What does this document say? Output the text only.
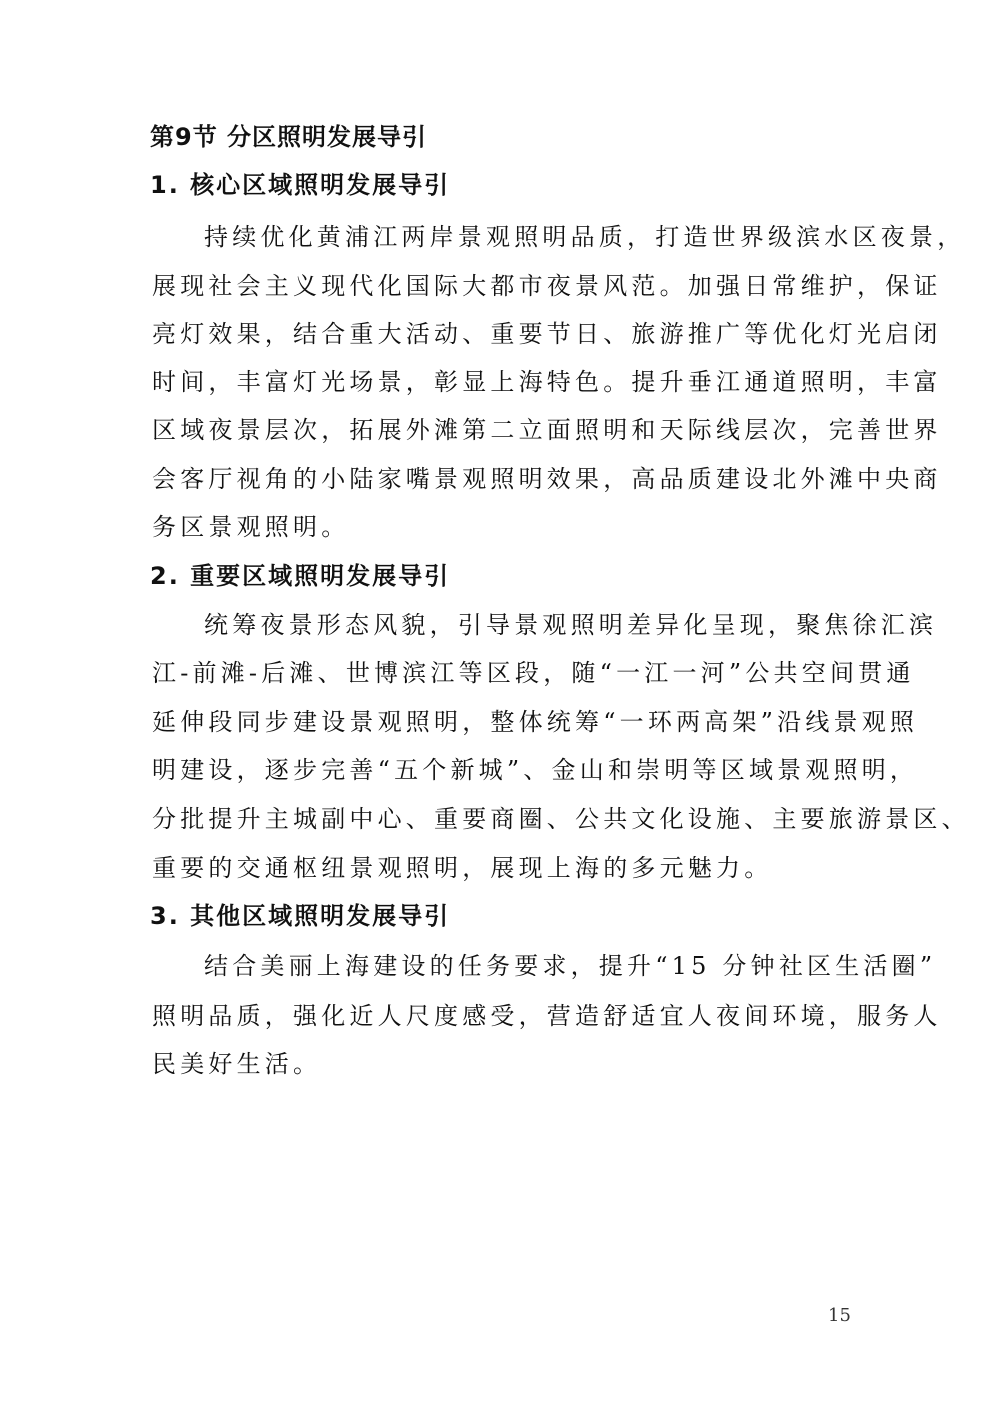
第9节 分区照明发展导引
1. 核心区域照明发展导引
持续优化黄浦江两岸景观照明品质，打造世界级滨水区夜景，
展现社会主义现代化国际大都市夜景风范。加强日常维护，保证
亮灯效果，结合重大活动、重要节日、旅游推广等优化灯光启闭
时间，丰富灯光场景，彰显上海特色。提升垂江通道照明，丰富
区域夜景层次，拓展外滩第二立面照明和天际线层次，完善世界
会客厅视角的小陆家嘴景观照明效果，高品质建设北外滩中央商
务区景观照明。
2. 重要区域照明发展导引
统筹夜景形态风貌，引导景观照明差异化呈现，聚焦徐汇滨
江-前滩-后滩、世博滨江等区段，随“一江一河”公共空间贯通
延伸段同步建设景观照明，整体统筹“一环两高架”沿线景观照
明建设，逐步完善“五个新城”、金山和崇明等区域景观照明，
分批提升主城副中心、重要商圈、公共文化设施、主要旅游景区、
重要的交通枢纽景观照明，展现上海的多元魅力。
3. 其他区域照明发展导引
结合美丽上海建设的任务要求，提升“15 分钟社区生活圈”
照明品质，强化近人尺度感受，营造舒适宜人夜间环境，服务人
民美好生活。
15
